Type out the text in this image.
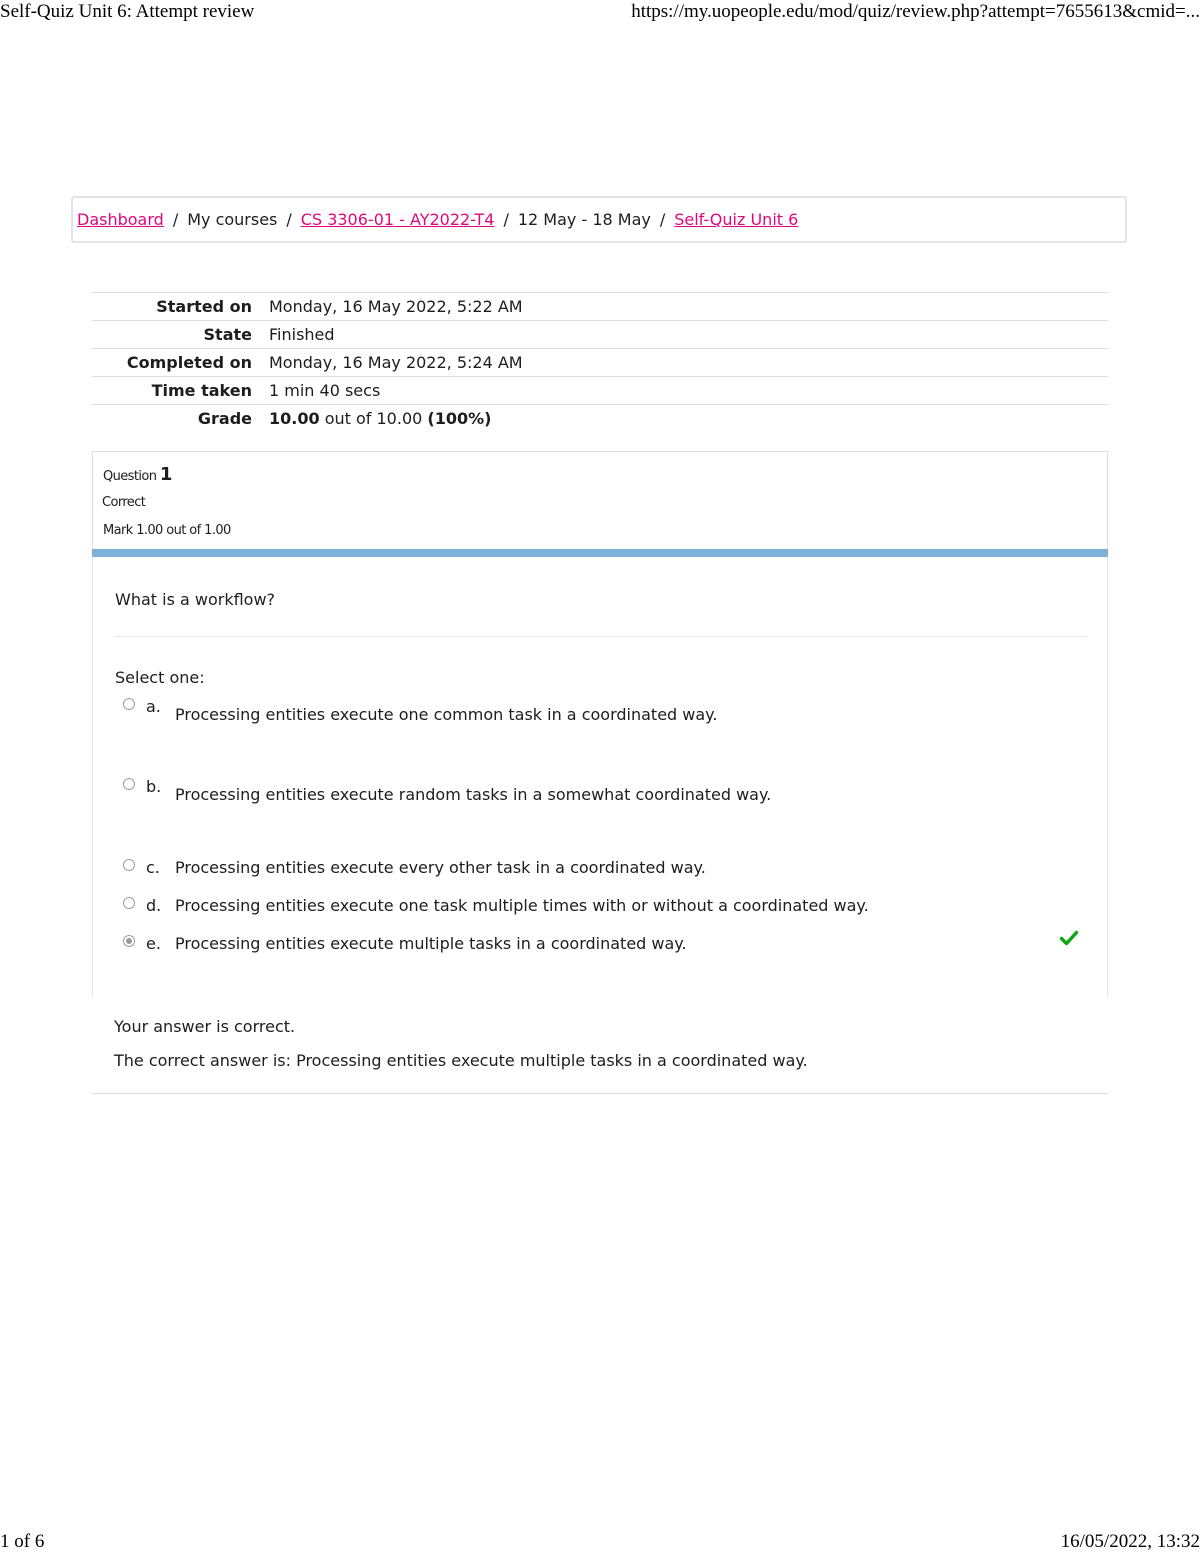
Self-Quiz Unit 6: Attempt review	https://my.uopeople.edu/mod/quiz/review.php?attempt=7655613&cmid=...
Dashboard / My courses / CS 3306-01 - AY2022-T4 / 12 May - 18 May / Self-Quiz Unit 6
Started on	Monday, 16 May 2022, 5:22 AM
State	Finished
Completed on	Monday, 16 May 2022, 5:24 AM
Time taken	1 min 40 secs
Grade	10.00 out of 10.00 (100%)
Question 1
Correct
Mark 1.00 out of 1.00
What is a workflow?
Select one:
a. Processing entities execute one common task in a coordinated way.
b. Processing entities execute random tasks in a somewhat coordinated way.
c. Processing entities execute every other task in a coordinated way.
d. Processing entities execute one task multiple times with or without a coordinated way.
e. Processing entities execute multiple tasks in a coordinated way.
Your answer is correct.
The correct answer is: Processing entities execute multiple tasks in a coordinated way.
1 of 6	16/05/2022, 13:32
